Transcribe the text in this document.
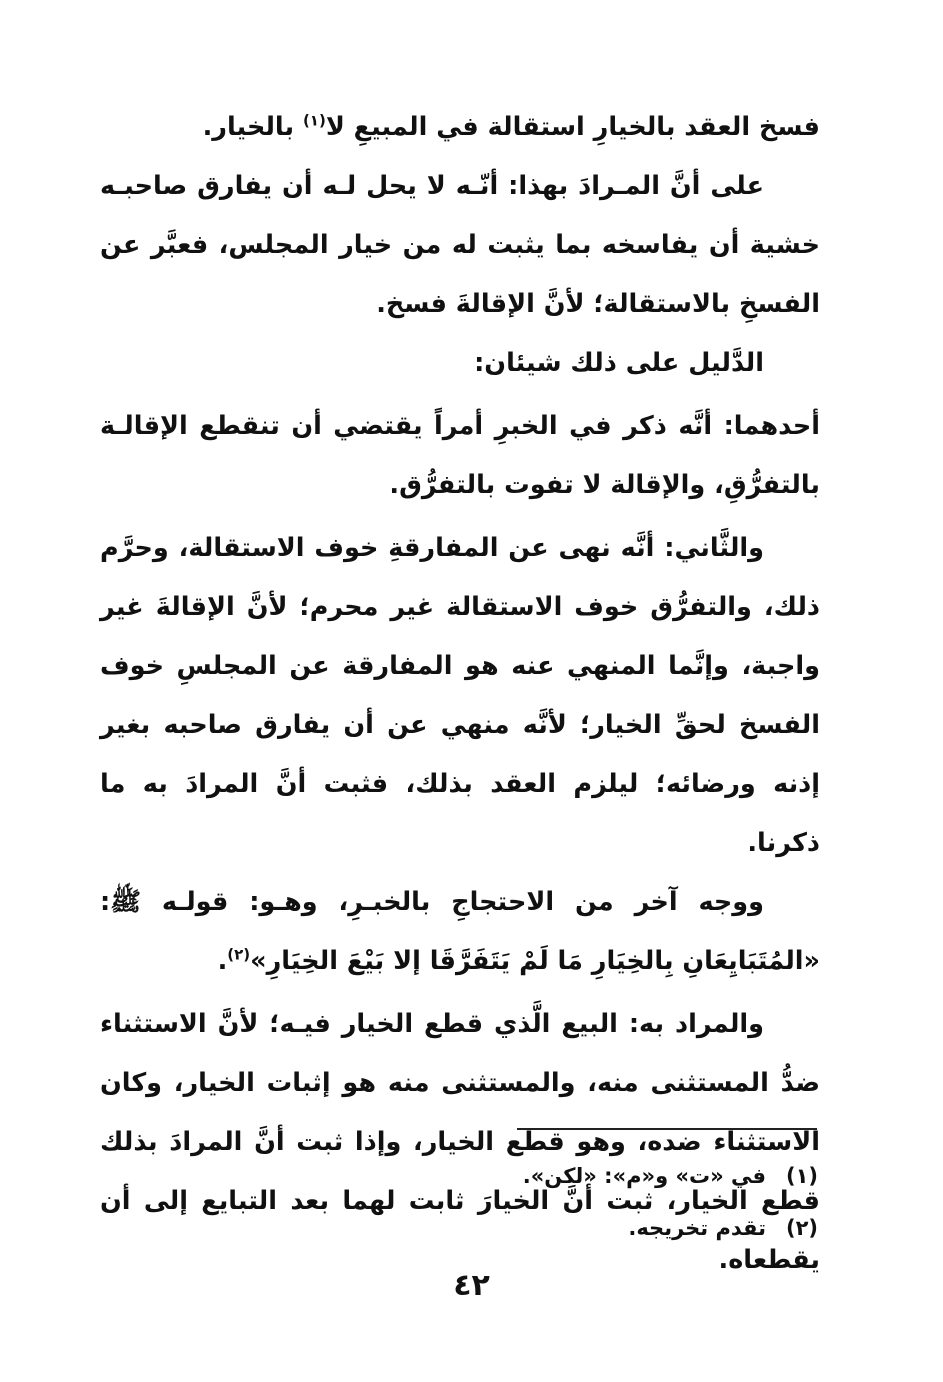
فسخ العقد بالخيارِ استقالة في المبيعِ لا$^{(١)}$ بالخيار.

على أنَّ المـرادَ بهذا: أنّـه لا يحل لـه أن يفارق صاحبـه خشية أن يفاسخه بما يثبت له من خيار المجلس، فعبَّر عن الفسخِ بالاستقالة؛ لأنَّ الإقالةَ فسخ.

الدَّليل على ذلك شيئان:

أحدهما: أنَّه ذكر في الخبرِ أمراً يقتضي أن تنقطع الإقالـة بالتفرُّقِ، والإقالة لا تفوت بالتفرُّق.

والثَّاني: أنَّه نهى عن المفارقةِ خوف الاستقالة، وحرَّم ذلك، والتفرُّق خوف الاستقالة غير محرم؛ لأنَّ الإقالةَ غير واجبة، وإنَّما المنهي عنه هو المفارقة عن المجلسِ خوف الفسخ لحقِّ الخيار؛ لأنَّه منهي عن أن يفارق صاحبه بغير إذنه ورضائه؛ ليلزم العقد بذلك، فثبت أنَّ المرادَ به ما ذكرنا.

ووجه آخر من الاحتجاجِ بالخبـرِ، وهـو: قولـه ﷺ: «المُتَبَايِعَانِ بِالخِيَارِ مَا لَمْ يَتَفَرَّقَا إلا بَيْعَ الخِيَارِ»$^{(٢)}$.

والمراد به: البيع الَّذي قطع الخيار فيـه؛ لأنَّ الاستثناء ضدُّ المستثنى منه، والمستثنى منه هو إثبات الخيار، وكان الاستثناء ضده، وهو قطع الخيار، وإذا ثبت أنَّ المرادَ بذلك قطع الخيار، ثبت أنَّ الخيارَ ثابت لهما بعد التبايع إلى أن يقطعاه.

(١)في «ت» و«م»: «لكن».

(٢)تقدم تخريجه.

٤٢
